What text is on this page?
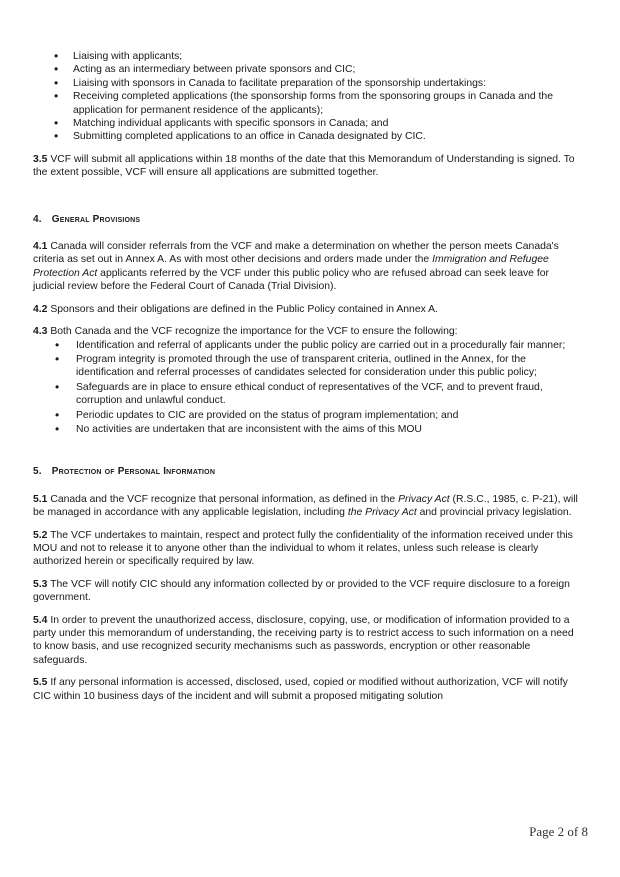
• Liaising with applicants;
• Acting as an intermediary between private sponsors and CIC;
• Liaising with sponsors in Canada to facilitate preparation of the sponsorship undertakings:
• Receiving completed applications (the sponsorship forms from the sponsoring groups in Canada and the application for permanent residence of the applicants);
• Matching individual applicants with specific sponsors in Canada; and
• Submitting completed applications to an office in Canada designated by CIC.

3.5 VCF will submit all applications within 18 months of the date that this Memorandum of Understanding is signed. To the extent possible, VCF will ensure all applications are submitted together.

4. General Provisions

4.1 Canada will consider referrals from the VCF and make a determination on whether the person meets Canada's criteria as set out in Annex A. As with most other decisions and orders made under the Immigration and Refugee Protection Act applicants referred by the VCF under this public policy who are refused abroad can seek leave for judicial review before the Federal Court of Canada (Trial Division).

4.2 Sponsors and their obligations are defined in the Public Policy contained in Annex A.

4.3 Both Canada and the VCF recognize the importance for the VCF to ensure the following:

• Identification and referral of applicants under the public policy are carried out in a procedurally fair manner;
• Program integrity is promoted through the use of transparent criteria, outlined in the Annex, for the identification and referral processes of candidates selected for consideration under this public policy;
• Safeguards are in place to ensure ethical conduct of representatives of the VCF, and to prevent fraud, corruption and unlawful conduct.
• Periodic updates to CIC are provided on the status of program implementation; and
• No activities are undertaken that are inconsistent with the aims of this MOU

5. Protection of Personal Information

5.1 Canada and the VCF recognize that personal information, as defined in the Privacy Act (R.S.C., 1985, c. P-21), will be managed in accordance with any applicable legislation, including the Privacy Act and provincial privacy legislation.

5.2 The VCF undertakes to maintain, respect and protect fully the confidentiality of the information received under this MOU and not to release it to anyone other than the individual to whom it relates, unless such release is clearly authorized herein or specifically required by law.

5.3 The VCF will notify CIC should any information collected by or provided to the VCF require disclosure to a foreign government.

5.4 In order to prevent the unauthorized access, disclosure, copying, use, or modification of information provided to a party under this memorandum of understanding, the receiving party is to restrict access to such information on a need to know basis, and use recognized security mechanisms such as passwords, encryption or other reasonable safeguards.

5.5 If any personal information is accessed, disclosed, used, copied or modified without authorization, VCF will notify CIC within 10 business days of the incident and will submit a proposed mitigating solution

Page 2 of 8
